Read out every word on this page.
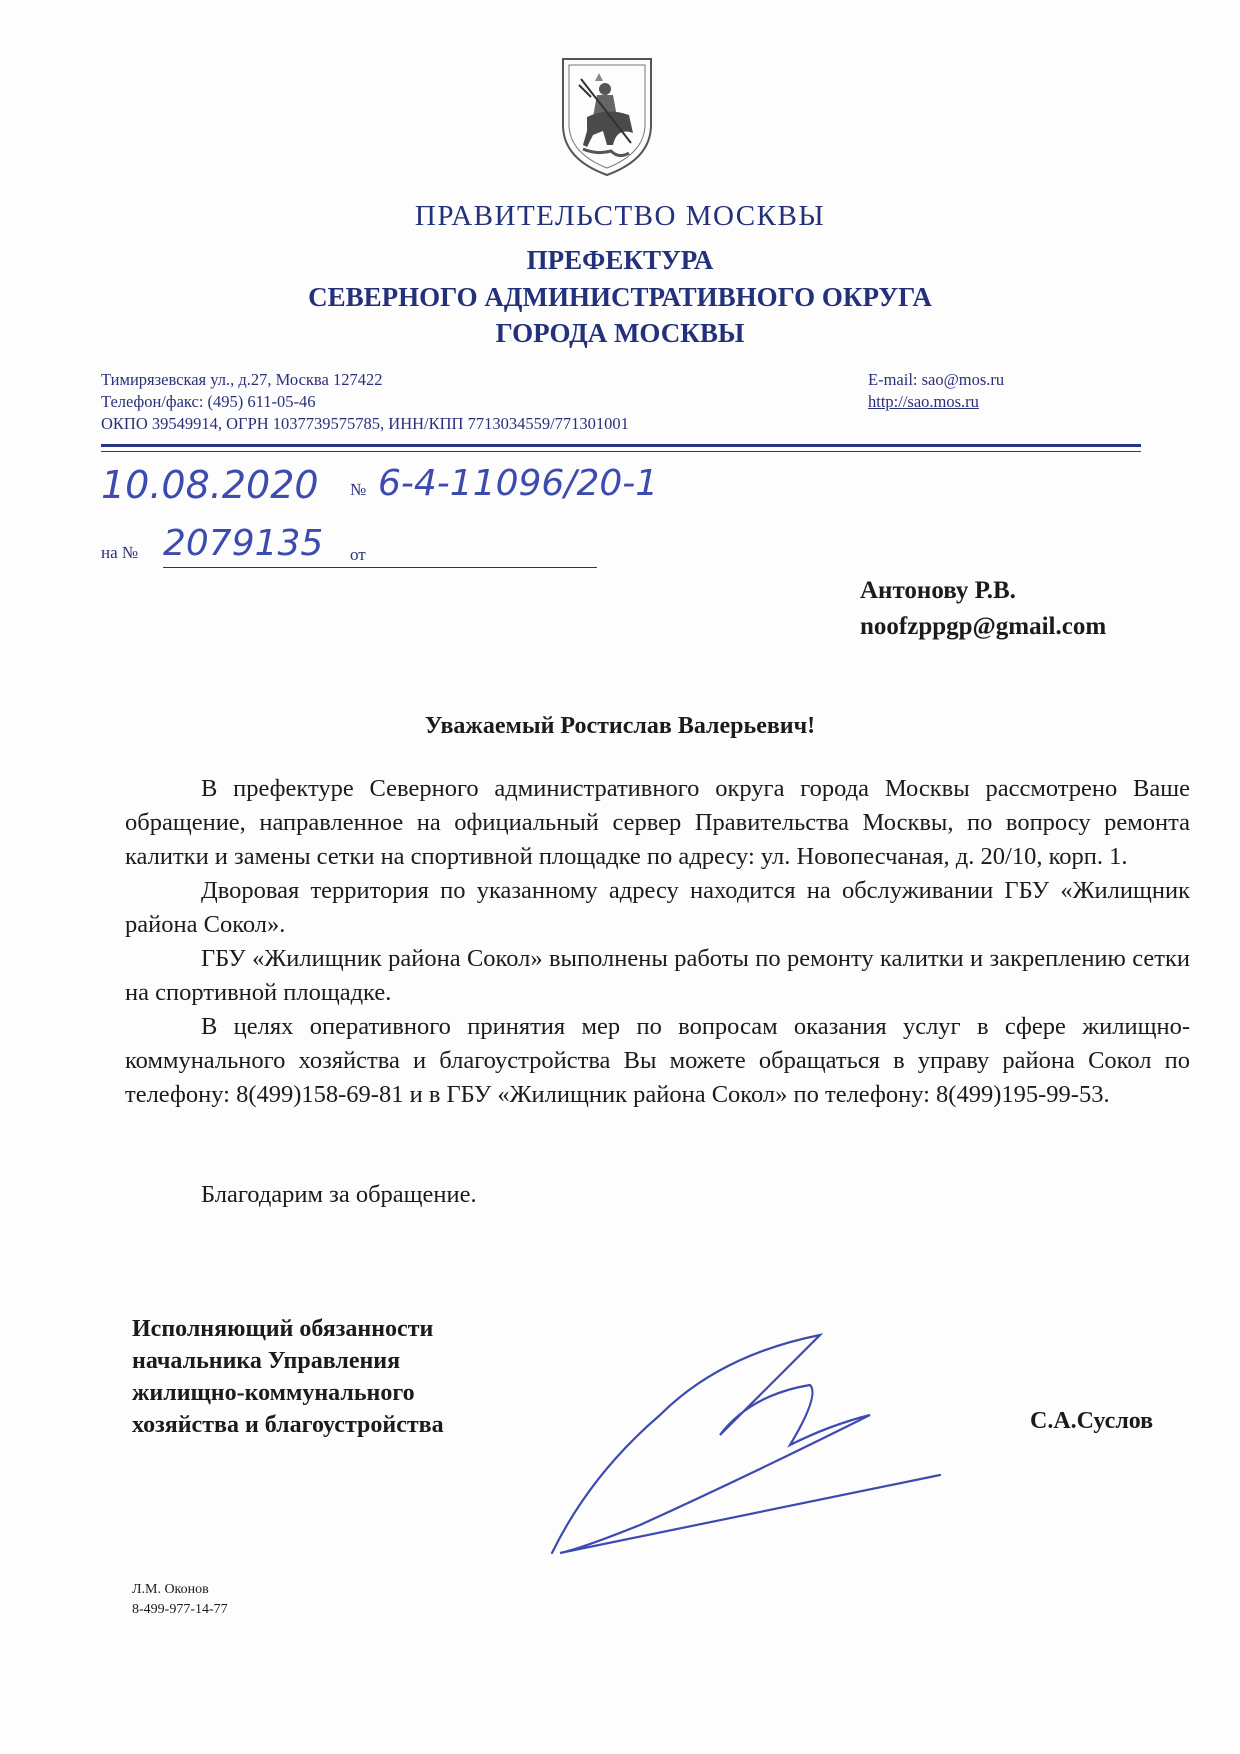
ПРАВИТЕЛЬСТВО МОСКВЫ
ПРЕФЕКТУРА
СЕВЕРНОГО АДМИНИСТРАТИВНОГО ОКРУГА
ГОРОДА МОСКВЫ
Тимирязевская ул., д.27, Москва 127422
Телефон/факс: (495) 611-05-46
ОКПО 39549914, ОГРН 1037739575785, ИНН/КПП 7713034559/771301001
E-mail: sao@mos.ru
http://sao.mos.ru
10.08.2020 № 6-4-11096/20-1
на № 2079135 от
Антонову Р.В.
noofzppgp@gmail.com
Уважаемый Ростислав Валерьевич!

В префектуре Северного административного округа города Москвы рассмотрено Ваше обращение, направленное на официальный сервер Правительства Москвы, по вопросу ремонта калитки и замены сетки на спортивной площадке по адресу: ул. Новопесчаная, д. 20/10, корп. 1.

Дворовая территория по указанному адресу находится на обслуживании ГБУ «Жилищник района Сокол».

ГБУ «Жилищник района Сокол» выполнены работы по ремонту калитки и закреплению сетки на спортивной площадке.

В целях оперативного принятия мер по вопросам оказания услуг в сфере жилищно-коммунального хозяйства и благоустройства Вы можете обращаться в управу района Сокол по телефону: 8(499)158-69-81 и в ГБУ «Жилищник района Сокол» по телефону: 8(499)195-99-53.

Благодарим за обращение.
Исполняющий обязанности
начальника Управления
жилищно-коммунального
хозяйства и благоустройства	С.А.Суслов
Л.М. Оконов
8-499-977-14-77
